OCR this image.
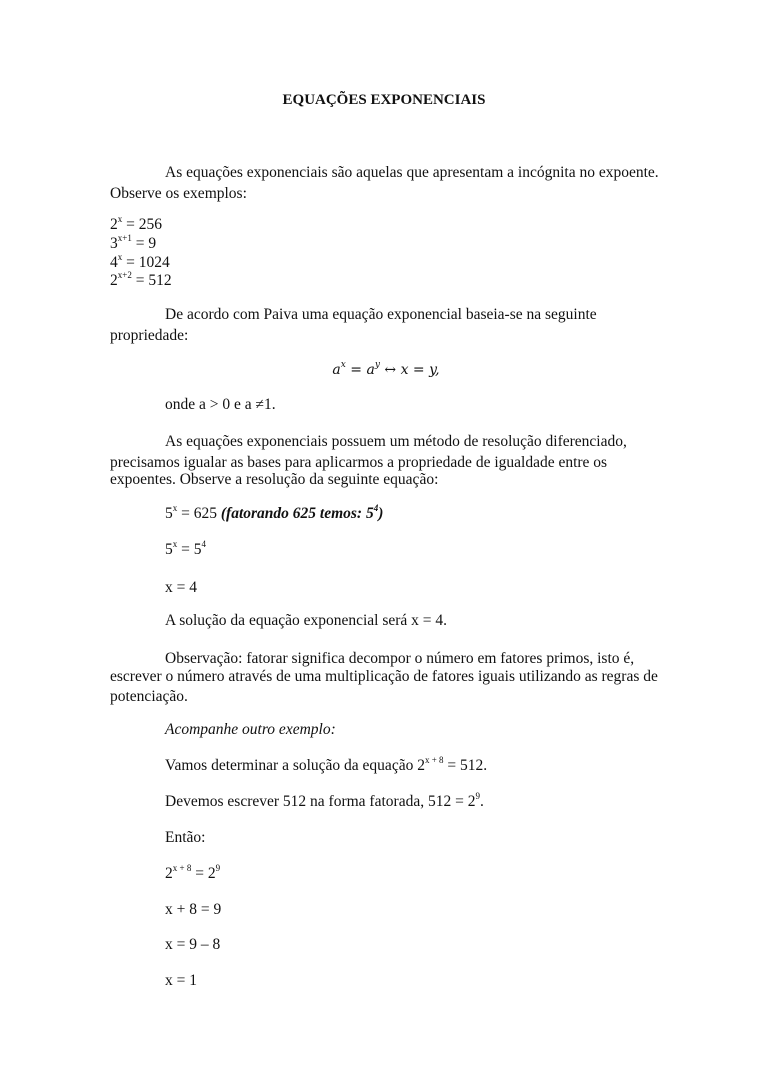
EQUAÇÕES EXPONENCIAIS
As equações exponenciais são aquelas que apresentam a incógnita no expoente.
Observe os exemplos:
$2^x = 256$
$3^{x+1} = 9$
$4^x = 1024$
$2^{x+2} = 512$
De acordo com Paiva uma equação exponencial baseia-se na seguinte
propriedade:
$a^x = a^y$ ↔ x = y,
onde a > 0 e a ≠1.
As equações exponenciais possuem um método de resolução diferenciado,
precisamos igualar as bases para aplicarmos a propriedade de igualdade entre os
expoentes. Observe a resolução da seguinte equação:
$5^x = 625$ (fatorando 625 temos: $5^4$)
$5^x = 5^4$
x = 4
A solução da equação exponencial será x = 4.
Observação: fatorar significa decompor o número em fatores primos, isto é,
escrever o número através de uma multiplicação de fatores iguais utilizando as regras de
potenciação.
Acompanhe outro exemplo:
Vamos determinar a solução da equação $2^{x + 8} = 512$.
Devemos escrever 512 na forma fatorada, $512 = 2^9$.
Então:
$2^{x + 8} = 2^9$
x + 8 = 9
x = 9 – 8
x = 1
